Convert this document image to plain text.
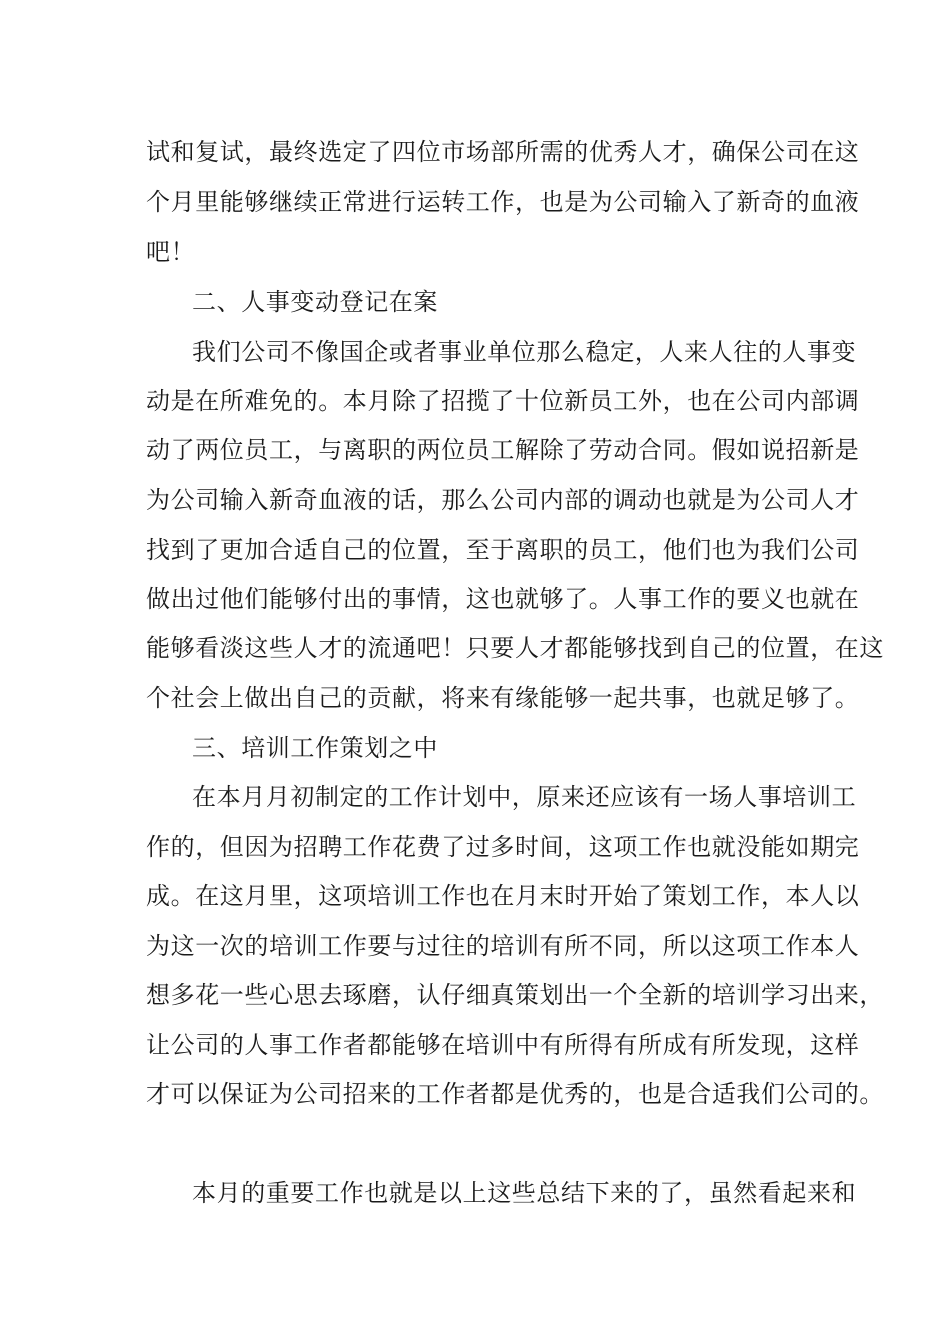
试和复试，最终选定了四位市场部所需的优秀人才，确保公司在这
个月里能够继续正常进行运转工作，也是为公司输入了新奇的血液
吧！
二、人事变动登记在案
我们公司不像国企或者事业单位那么稳定，人来人往的人事变
动是在所难免的。本月除了招揽了十位新员工外，也在公司内部调
动了两位员工，与离职的两位员工解除了劳动合同。假如说招新是
为公司输入新奇血液的话，那么公司内部的调动也就是为公司人才
找到了更加合适自己的位置，至于离职的员工，他们也为我们公司
做出过他们能够付出的事情，这也就够了。人事工作的要义也就在
能够看淡这些人才的流通吧！只要人才都能够找到自己的位置，在这
个社会上做出自己的贡献，将来有缘能够一起共事，也就足够了。
三、培训工作策划之中
在本月月初制定的工作计划中，原来还应该有一场人事培训工
作的，但因为招聘工作花费了过多时间，这项工作也就没能如期完
成。在这月里，这项培训工作也在月末时开始了策划工作，本人以
为这一次的培训工作要与过往的培训有所不同，所以这项工作本人
想多花一些心思去琢磨，认仔细真策划出一个全新的培训学习出来，
让公司的人事工作者都能够在培训中有所得有所成有所发现，这样
才可以保证为公司招来的工作者都是优秀的，也是合适我们公司的。
本月的重要工作也就是以上这些总结下来的了，虽然看起来和
